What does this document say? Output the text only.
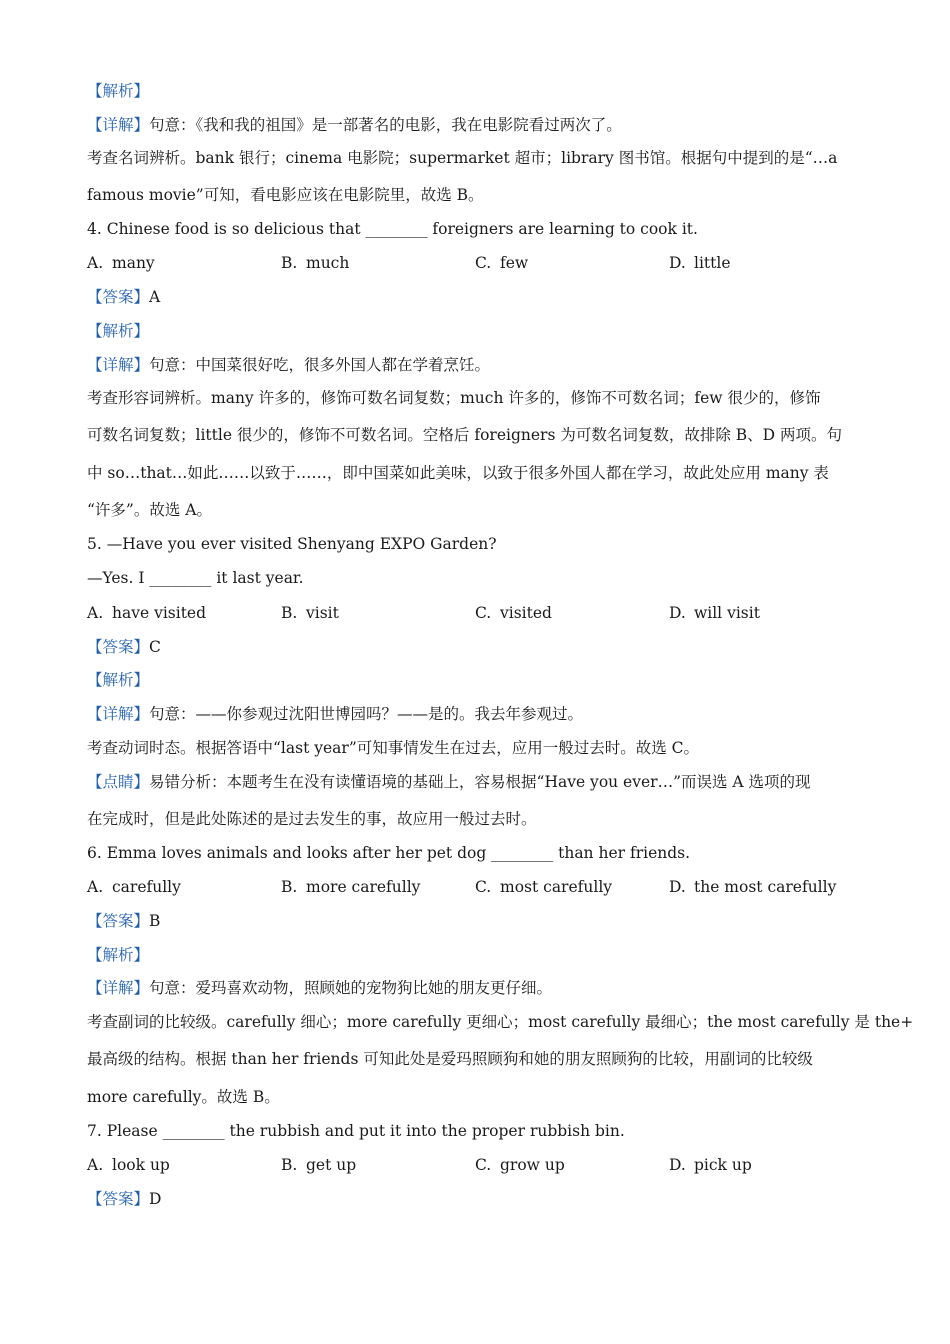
【解析】
【详解】句意：《我和我的祖国》是一部著名的电影，我在电影院看过两次了。
考查名词辨析。bank 银行；cinema 电影院；supermarket 超市；library 图书馆。根据句中提到的是“…a
famous movie”可知，看电影应该在电影院里，故选 B。
4. Chinese food is so delicious that ________ foreigners are learning to cook it.
A. many	B. much	C. few	D. little
【答案】A
【解析】
【详解】句意：中国菜很好吃，很多外国人都在学着烹饪。
考查形容词辨析。many 许多的，修饰可数名词复数；much 许多的，修饰不可数名词；few 很少的，修饰
可数名词复数；little 很少的，修饰不可数名词。空格后 foreigners 为可数名词复数，故排除 B、D 两项。句
中 so…that…如此……以致于……，即中国菜如此美味，以致于很多外国人都在学习，故此处应用 many 表
“许多”。故选 A。
5. —Have you ever visited Shenyang EXPO Garden?
—Yes. I ________ it last year.
A. have visited	B. visit	C. visited	D. will visit
【答案】C
【解析】
【详解】句意：——你参观过沈阳世博园吗？——是的。我去年参观过。
考查动词时态。根据答语中“last year”可知事情发生在过去，应用一般过去时。故选 C。
【点睛】易错分析：本题考生在没有读懂语境的基础上，容易根据“Have you ever…”而误选 A 选项的现
在完成时，但是此处陈述的是过去发生的事，故应用一般过去时。
6. Emma loves animals and looks after her pet dog ________ than her friends.
A. carefully	B. more carefully	C. most carefully	D. the most carefully
【答案】B
【解析】
【详解】句意：爱玛喜欢动物，照顾她的宠物狗比她的朋友更仔细。
考查副词的比较级。carefully 细心；more carefully 更细心；most carefully 最细心；the most carefully 是 the+
最高级的结构。根据 than her friends 可知此处是爱玛照顾狗和她的朋友照顾狗的比较，用副词的比较级
more carefully。故选 B。
7. Please ________ the rubbish and put it into the proper rubbish bin.
A. look up	B. get up	C. grow up	D. pick up
【答案】D
